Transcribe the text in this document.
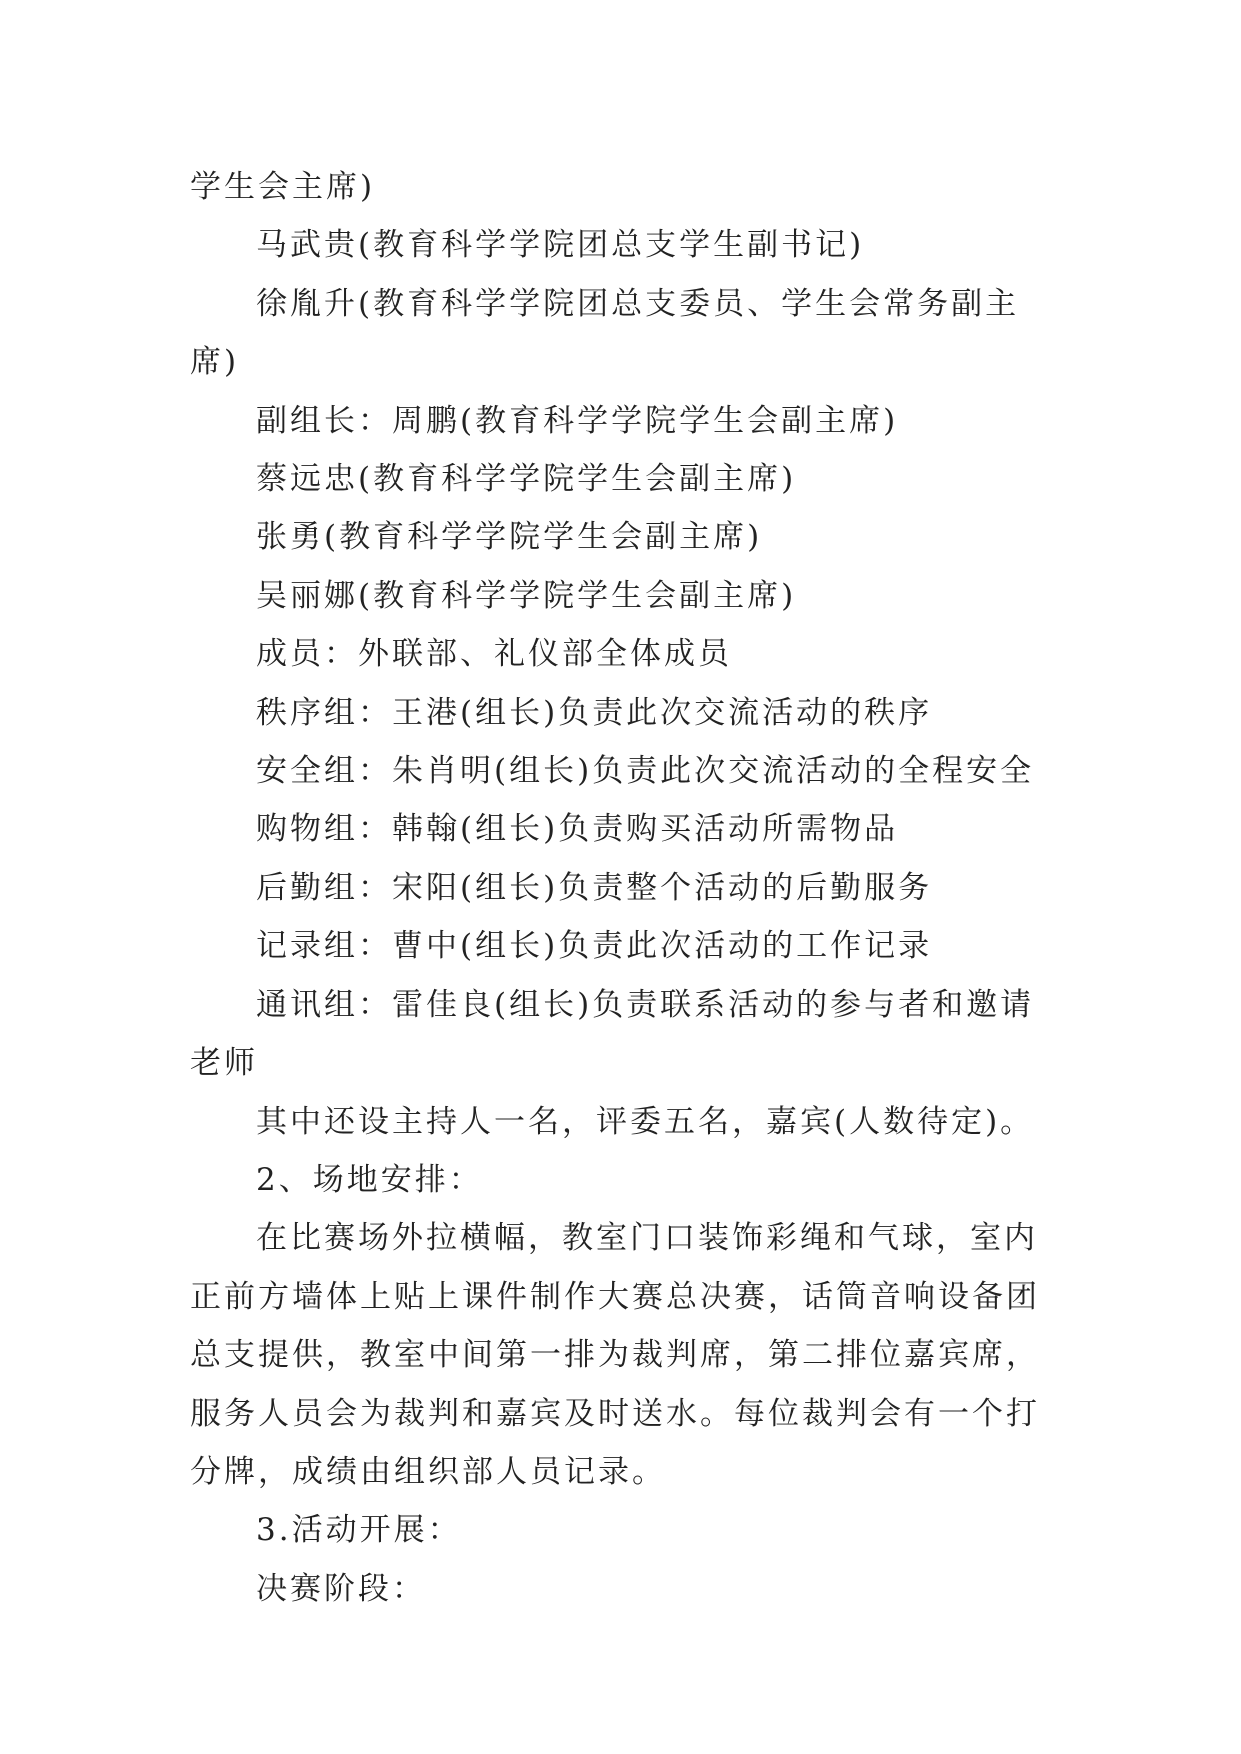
学生会主席)

马武贵(教育科学学院团总支学生副书记)

徐胤升(教育科学学院团总支委员、学生会常务副主席)

副组长：周鹏(教育科学学院学生会副主席)

蔡远忠(教育科学学院学生会副主席)

张勇(教育科学学院学生会副主席)

吴丽娜(教育科学学院学生会副主席)

成员：外联部、礼仪部全体成员

秩序组：王港(组长)负责此次交流活动的秩序

安全组：朱肖明(组长)负责此次交流活动的全程安全

购物组：韩翰(组长)负责购买活动所需物品

后勤组：宋阳(组长)负责整个活动的后勤服务

记录组：曹中(组长)负责此次活动的工作记录

通讯组：雷佳良(组长)负责联系活动的参与者和邀请老师

其中还设主持人一名，评委五名，嘉宾(人数待定)。

2、场地安排：

在比赛场外拉横幅，教室门口装饰彩绳和气球，室内正前方墙体上贴上课件制作大赛总决赛，话筒音响设备团总支提供，教室中间第一排为裁判席，第二排位嘉宾席，服务人员会为裁判和嘉宾及时送水。每位裁判会有一个打分牌，成绩由组织部人员记录。

3.活动开展：

决赛阶段：
